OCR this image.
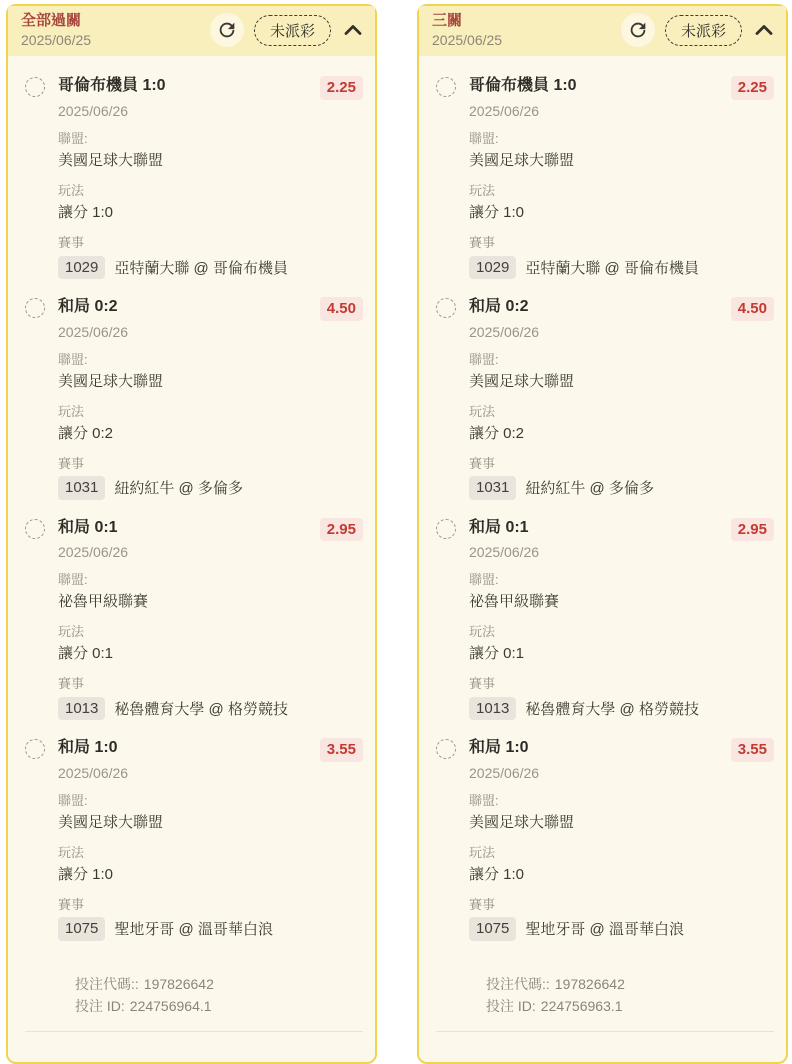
全部過關
2025/06/25
未派彩
哥倫布機員 1:0	2.25
2025/06/26
聯盟:
美國足球大聯盟
玩法
讓分 1:0
賽事
1029	亞特蘭大聯 @ 哥倫布機員
和局 0:2	4.50
2025/06/26
聯盟:
美國足球大聯盟
玩法
讓分 0:2
賽事
1031	紐約紅牛 @ 多倫多
和局 0:1	2.95
2025/06/26
聯盟:
祕魯甲級聯賽
玩法
讓分 0:1
賽事
1013	秘魯體育大學 @ 格勞競技
和局 1:0	3.55
2025/06/26
聯盟:
美國足球大聯盟
玩法
讓分 1:0
賽事
1075	聖地牙哥 @ 溫哥華白浪
投注代碼:: 197826642
投注 ID: 224756964.1
三關
2025/06/25
未派彩
哥倫布機員 1:0	2.25
2025/06/26
聯盟:
美國足球大聯盟
玩法
讓分 1:0
賽事
1029	亞特蘭大聯 @ 哥倫布機員
和局 0:2	4.50
2025/06/26
聯盟:
美國足球大聯盟
玩法
讓分 0:2
賽事
1031	紐約紅牛 @ 多倫多
和局 0:1	2.95
2025/06/26
聯盟:
祕魯甲級聯賽
玩法
讓分 0:1
賽事
1013	秘魯體育大學 @ 格勞競技
和局 1:0	3.55
2025/06/26
聯盟:
美國足球大聯盟
玩法
讓分 1:0
賽事
1075	聖地牙哥 @ 溫哥華白浪
投注代碼:: 197826642
投注 ID: 224756963.1
